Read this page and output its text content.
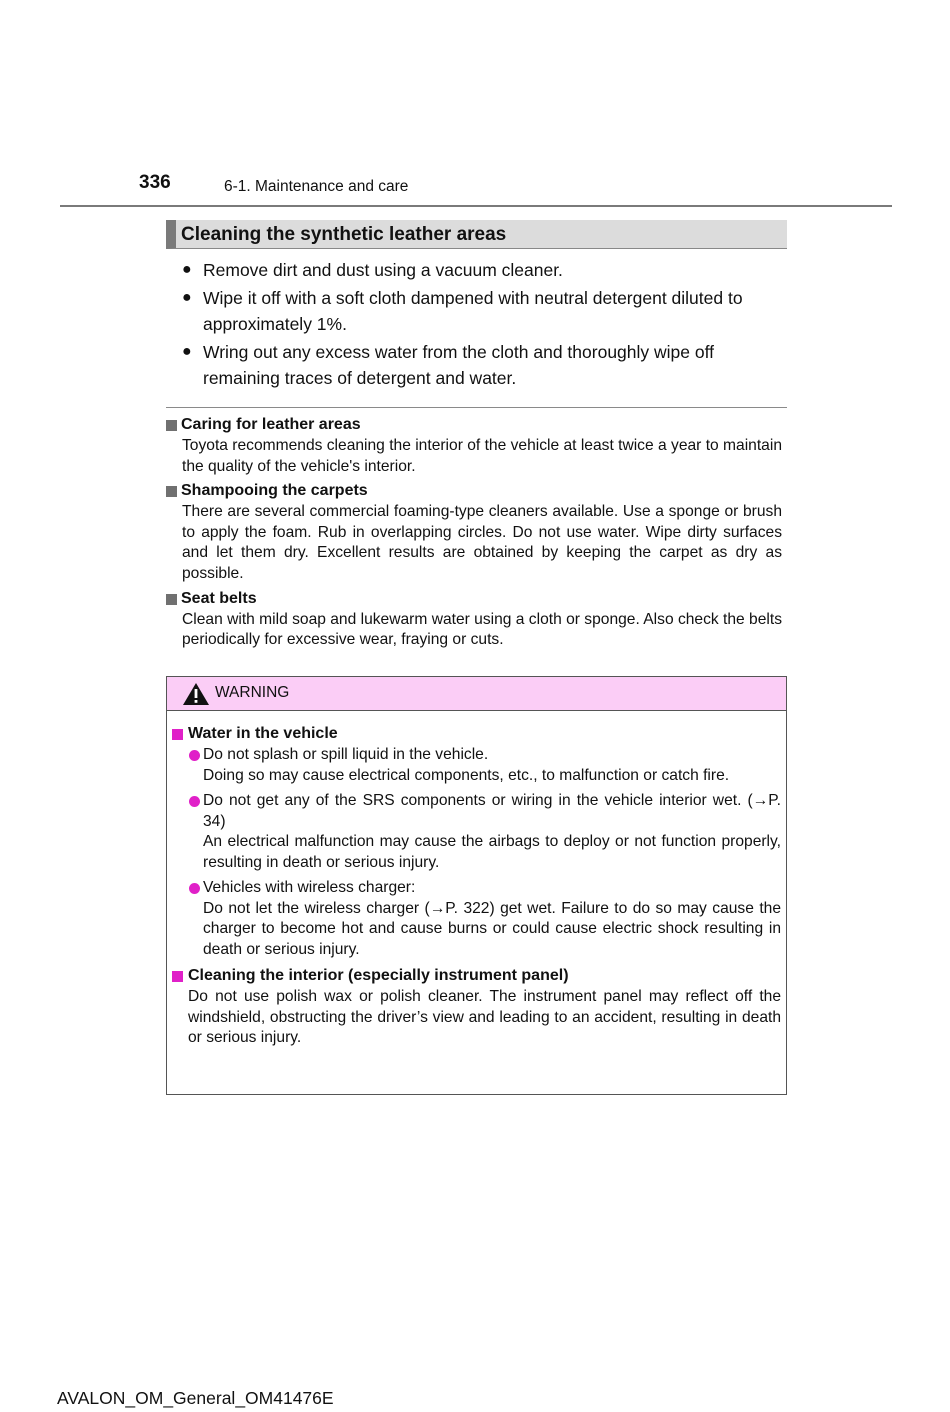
336	6-1. Maintenance and care
Cleaning the synthetic leather areas
● Remove dirt and dust using a vacuum cleaner.
● Wipe it off with a soft cloth dampened with neutral detergent diluted to approximately 1%.
● Wring out any excess water from the cloth and thoroughly wipe off remaining traces of detergent and water.
Caring for leather areas
Toyota recommends cleaning the interior of the vehicle at least twice a year to maintain the quality of the vehicle's interior.
Shampooing the carpets
There are several commercial foaming-type cleaners available. Use a sponge or brush to apply the foam. Rub in overlapping circles. Do not use water. Wipe dirty surfaces and let them dry. Excellent results are obtained by keeping the carpet as dry as possible.
Seat belts
Clean with mild soap and lukewarm water using a cloth or sponge. Also check the belts periodically for excessive wear, fraying or cuts.
WARNING
Water in the vehicle

Do not splash or spill liquid in the vehicle.

Doing so may cause electrical components, etc., to malfunction or catch fire.

Do not get any of the SRS components or wiring in the vehicle interior wet. (→P. 34)

An electrical malfunction may cause the airbags to deploy or not function properly, resulting in death or serious injury.

Vehicles with wireless charger:

Do not let the wireless charger (→P. 322) get wet. Failure to do so may cause the charger to become hot and cause burns or could cause electric shock resulting in death or serious injury.

Cleaning the interior (especially instrument panel)
Do not use polish wax or polish cleaner. The instrument panel may reflect off the windshield, obstructing the driver’s view and leading to an accident, resulting in death or serious injury.
AVALON_OM_General_OM41476E
